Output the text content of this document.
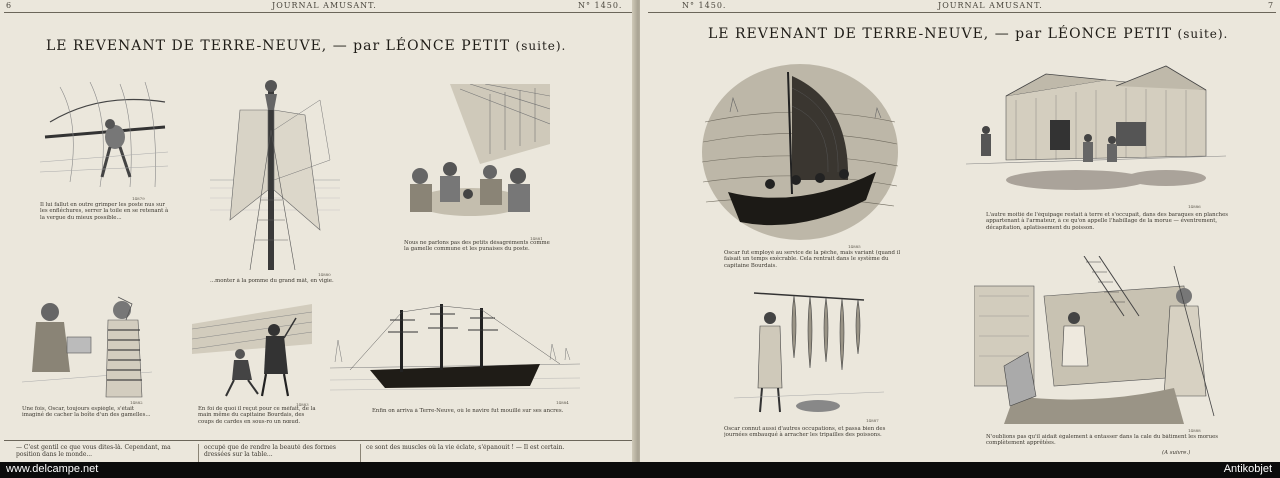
6	JOURNAL AMUSANT.	N° 1450.
LE REVENANT DE TERRE-NEUVE, — par LÉONCE PETIT (suite).
14879
Il lui fallut en outre grimper les poste nus sur les enfléchures, serrer la toile en se retenant à la vergue du mieux possible...
14880
...monter à la pomme du grand mât, en vigie.
14881
Nous ne parlons pas des petits désagréments comme la gamelle commune et les punaises du poste.
14882
Une fois, Oscar, toujours espiègle, s'était imaginé de cacher la boîte d'un des gamelles...
14883
En foi de quoi il reçut pour ce méfait, de la main même du capitaine Bourdais, des coups de cardes en sous-ro un nœud.
14884
Enfin on arriva à Terre-Neuve, où le navire fut mouillé sur ses ancres.
— C'est gentil ce que vous dites-là. Cependant, ma position dans le monde...
occupé que de rendre la beauté des formes dressées sur la table...
ce sont des muscles où la vie éclate, s'épanouit ! — Il est certain.
N° 1450.	JOURNAL AMUSANT.	7
LE REVENANT DE TERRE-NEUVE, — par LÉONCE PETIT (suite).
14885
Oscar fut employé au service de la pêche, mais variant (quand il faisait un temps exécrable. Cela rentrait dans le système du capitaine Bourdais.
14886
L'autre moitié de l'équipage restait à terre et s'occupait, dans des baraques en planches appartenant à l'armateur, à ce qu'on appelle l'habillage de la morue — éventrement, décapitation, aplatissement du poisson.
14887
Oscar connut aussi d'autres occupations, et passa bien des journées embauqué à arracher les tripailles des poissons.
14888
N'oublions pas qu'il aidait également à entasser dans la cale du bâtiment les morues complètement apprêtées.
(A suivre.)
www.delcampe.net	Antikobjet
